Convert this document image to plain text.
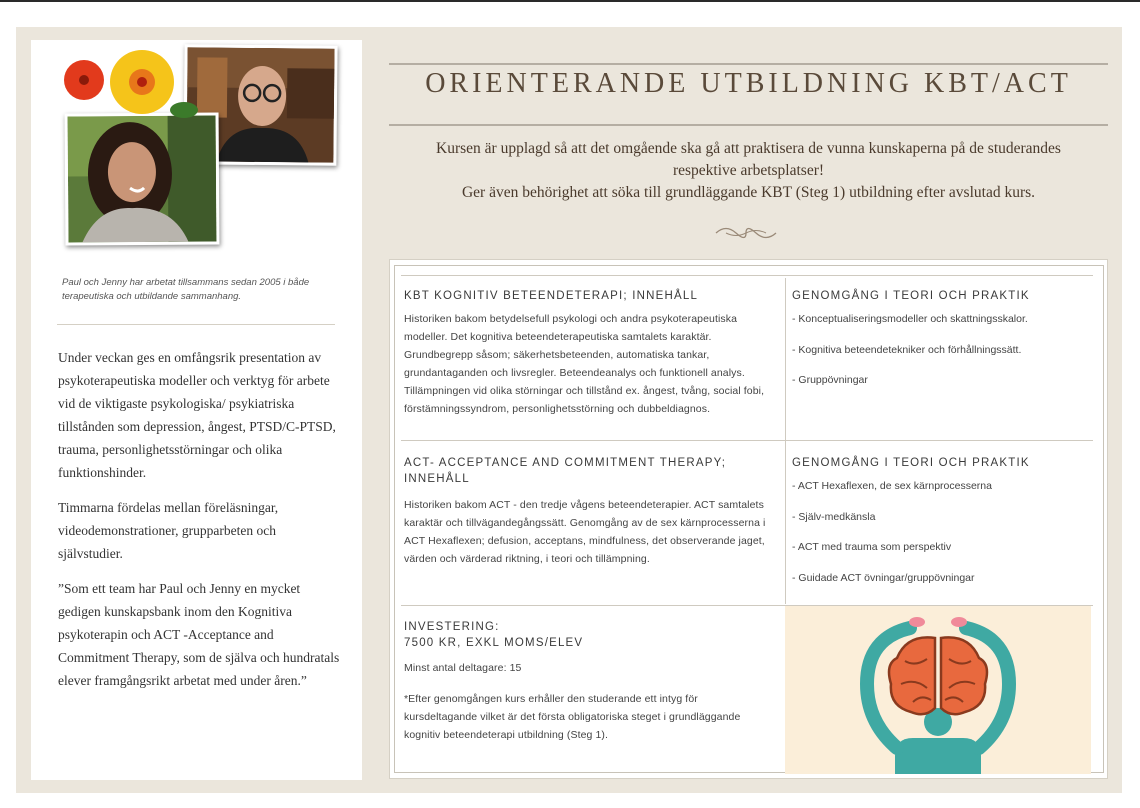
Paul och Jenny har arbetat tillsammans sedan 2005 i både terapeutiska och utbildande sammanhang.

Under veckan ges en omfångsrik presentation av psykoterapeutiska modeller och verktyg för arbete vid de viktigaste psykologiska/ psykiatriska tillstånden som depression, ångest, PTSD/C-PTSD, trauma, personlighetsstörningar och olika funktionshinder.

Timmarna fördelas mellan föreläsningar, videodemonstrationer, grupparbeten och självstudier.

”Som ett team har Paul och Jenny en mycket gedigen kunskapsbank inom den Kognitiva psykoterapin och ACT -Acceptance and Commitment Therapy, som de själva och hundratals elever framgångsrikt arbetat med under åren.”

ORIENTERANDE UTBILDNING KBT/ACT
Kursen är upplagd så att det omgående ska gå att praktisera de vunna kunskaperna på de studerandes
respektive arbetsplatser!
Ger även behörighet att söka till grundläggande KBT (Steg 1) utbildning efter avslutad kurs.
KBT KOGNITIV BETEENDETERAPI; INNEHÅLL
Historiken bakom betydelsefull psykologi och andra psykoterapeutiska modeller. Det kognitiva beteendeterapeutiska samtalets karaktär. Grundbegrepp såsom; säkerhetsbeteenden, automatiska tankar, grundantaganden och livsregler. Beteendeanalys och funktionell analys. Tillämpningen vid olika störningar och tillstånd ex. ångest, tvång, social fobi, förstämningssyndrom, personlighetsstörning och dubbeldiagnos.
GENOMGÅNG I TEORI OCH PRAKTIK
- Konceptualiseringsmodeller och skattningsskalor.
- Kognitiva beteendetekniker och förhållningssätt.
- Gruppövningar
ACT- ACCEPTANCE AND COMMITMENT THERAPY; INNEHÅLL
Historiken bakom ACT - den tredje vågens beteendeterapier. ACT samtalets karaktär och tillvägandegångssätt. Genomgång av de sex kärnprocesserna i ACT Hexaflexen; defusion, acceptans, mindfulness, det observerande jaget, värden och värderad riktning, i teori och tillämpning.
GENOMGÅNG I TEORI OCH PRAKTIK
- ACT Hexaflexen, de sex kärnprocesserna
- Själv-medkänsla
- ACT med trauma som perspektiv
- Guidade ACT övningar/gruppövningar
INVESTERING:
7500 KR, EXKL MOMS/ELEV
Minst antal deltagare: 15
*Efter genomgången kurs erhåller den studerande ett intyg för kursdeltagande vilket är det första obligatoriska steget i grundläggande kognitiv beteendeterapi utbildning (Steg 1).
